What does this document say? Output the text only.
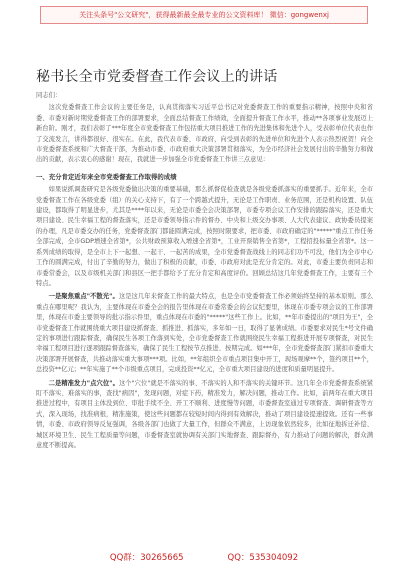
关注头条号"公文研究"，获得最新最全最专业的公文资料库！ 微信：gongwenxj
秘书长全市党委督查工作会议上的讲话
同志们：
这次党委督查工作会议的主要任务是，认真贯彻落实习近平总书记对党委督查工作的重要指示精神，按照中央和省委、市委对新时期党委督查工作的部署要求，全面总结督查工作绩效，全面提升督查工作水平，推动**各项事业发展迈上新台阶。刚才，我们表彰了***年度全市党委督查工作包括重大项目推进工作的先进集体和先进个人，受表彰单位代表也作了交流发言，讲得都很好、很实在。在此，我代表市委、市政府，向受到表彰的先进单位和先进个人表示热烈祝贺！向全市党委督查系统和广大督查干部，为推动市委、市政府重大决策部署贯彻落实，为全市经济社会发展付出的辛勤努力和做出的贡献，表示衷心的感谢！现在，我就进一步加强全市党委督查工作讲三点意见：
一、充分肯定近年来全市党委督查工作取得的成绩
如果说抓调查研究是各级党委做出决策的重要基础，那么抓督促检查就是各级党委抓落实的重要抓手。近年来，全市党委督查工作在各级党委（组）的关心支持下，有了一个跨越式提升，无论是工作职责、业务范围，还是机构设置、队伍建设，都取得了明显进步，尤其是****年以来，无论是市委全会决策部署，市委专项会议工作安排的跟踪落实，还是重大项目建设、民生幸福工程的督查落实，还是市委领导指示件的督办、中央和上级交办事项、人大代表建议、政协委员提案的办理，凡是市委交办的任务，党委督查部门都能圆满完成，按照时限要求，把市委、市政府确定的"*****"重点工作任务全部完成，全市GDP增速全省第*，公共财政预算收入增速全省第*，工业开票销售全省第*，工程招投标量全省第*。这一系列成绩的取得，是全市上下一起想、一起干、一起苦的成果，全市党委督查战线上的同志们功不可没，他们为全市中心工作的圆满完成，付出了辛勤的努力，做出了积极的贡献，市委、市政府对此是充分肯定的。对此，市委主要负责同志和市委常委会，以及市级机关部门和县区一把手都给予了充分肯定和高度评价。回顾总结这几年党委督查工作，主要有三个特点。
一是聚焦重点"不散光"。这是这几年来督查工作的最大特点，也是全市党委督查工作必须始终坚持的基本原则。那么重点在哪里呢？我认为，主要体现在市委全会的报告里体现在市委常委会的会议纪要里，体现在市委专项会议的工作部署里，体现在市委主要领导的批示指示件里，重点体现在市委的"*****"这些工作上。比如，**年市委提出的"项目为王"，全市党委督查工作就围绕重大项目建设抓督查、抓推进、抓落实，多年如一日，取得了显著成绩。市委要求对民生*号文件确定的事项进行跟踪督查，确保民生各项工作落到实处，全市党委督查工作就围绕民生幸福工程推进开展专项督查，对民生幸福工程项目进行逐项跟踪督查落实，确保了民生工程按节点推进、按期完成。如***年，全市党委督查部门紧扣市委重大决策部署开展督查，共推动落实重大事项***项。比如，**年组织全市重点项目集中开工，现场观摩**个，签约项目**个，总投资**亿元；**年实施了**个市级重点项目，完成投资**亿元，全市重大项目建设的进度和质量明显提升。
二是精准发力"点穴位"。这个"穴位"就是不落实的事、不落实的人和不落实的关键环节。这几年全市党委督查系统紧盯不落实、难落实的事，查找"病因"，发现问题，对症下药，精准发力，解决问题，推动工作。比如，前两年在重大项目推进过程中，有项目主体没到位、审批手续不全、开工不顺利、进度慢等问题，市委督查室通过专项督查、调研督查等方式，深入现场，找准病根，精准施策，使这些问题都在较短时间内得到有效解决，推动了项目建设提速提效。还有一些事情，市委、市政府领导反复强调，各级各部门也做了大量工作，但群众不满意，上访现象依然较多，比如征地拆迁补偿、城区环境卫生、民生工程质量等问题，市委督查室就协调有关部门实地督查、跟踪督办，有力推动了问题的解决，群众满意度不断提高。
QQ群：30265665	QQ：535304092
